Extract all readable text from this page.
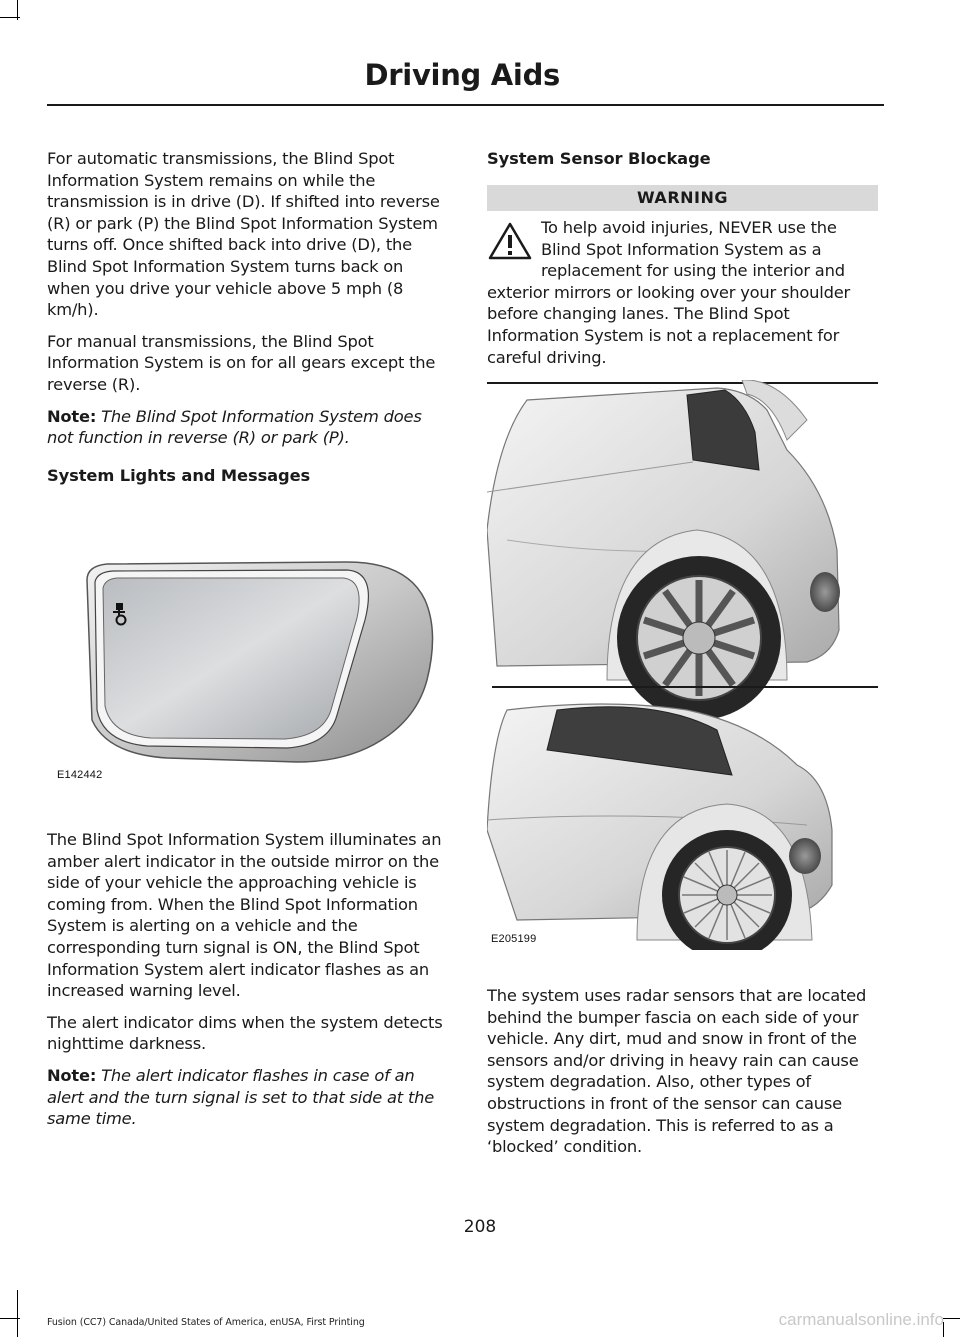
Driving Aids

For automatic transmissions, the Blind Spot Information System remains on while the transmission is in drive (D). If shifted into reverse (R) or park (P) the Blind Spot Information System turns off. Once shifted back into drive (D), the Blind Spot Information System turns back on when you drive your vehicle above 5 mph (8 km/h).

For manual transmissions, the Blind Spot Information System is on for all gears except the reverse (R).

Note: The Blind Spot Information System does not function in reverse (R) or park (P).

System Lights and Messages

E142442

The Blind Spot Information System illuminates an amber alert indicator in the outside mirror on the side of your vehicle the approaching vehicle is coming from. When the Blind Spot Information System is alerting on a vehicle and the corresponding turn signal is ON, the Blind Spot Information System alert indicator flashes as an increased warning level.

The alert indicator dims when the system detects nighttime darkness.

Note: The alert indicator flashes in case of an alert and the turn signal is set to that side at the same time.

System Sensor Blockage

WARNING

To help avoid injuries, NEVER use the Blind Spot Information System as a replacement for using the interior and exterior mirrors or looking over your shoulder before changing lanes. The Blind Spot Information System is not a replacement for careful driving.

E205199

The system uses radar sensors that are located behind the bumper fascia on each side of your vehicle. Any dirt, mud and snow in front of the sensors and/or driving in heavy rain can cause system degradation. Also, other types of obstructions in front of the sensor can cause system degradation. This is referred to as a ‘blocked’ condition.

208
Fusion (CC7) Canada/United States of America, enUSA, First Printing	carmanualsonline.info
